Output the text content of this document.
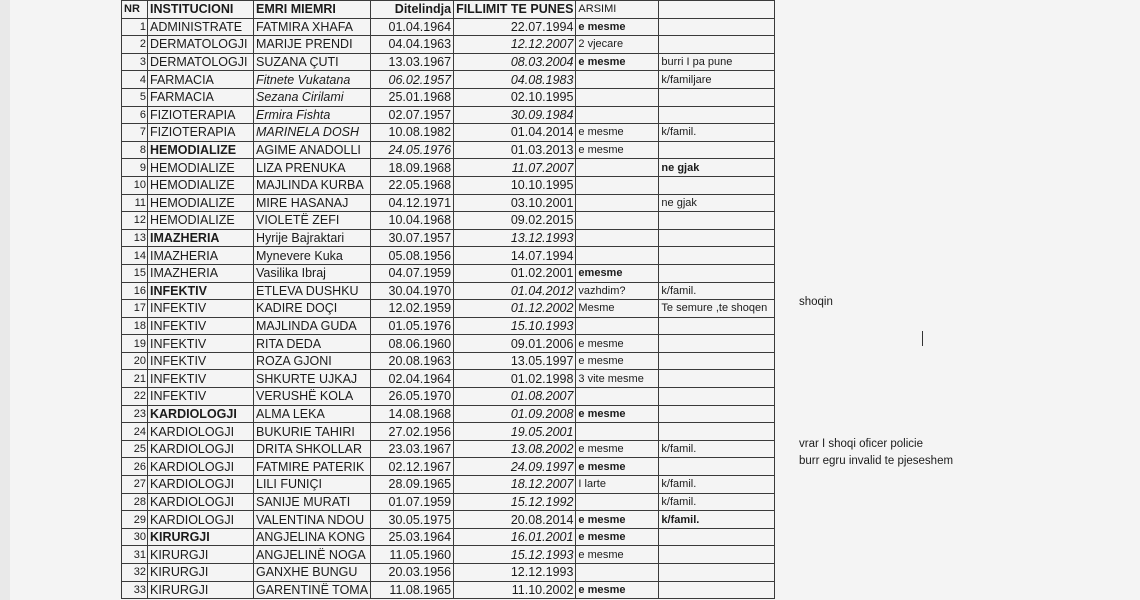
NR	INSTITUCIONI	EMRI MIEMRI	Ditelindja	FILLIMIT TE PUNES	ARSIMI	
1	ADMINISTRATE	FATMIRA XHAFA	01.04.1964	22.07.1994	e mesme	
2	DERMATOLOGJI	MARIJE PRENDI	04.04.1963	12.12.2007	2 vjecare	
3	DERMATOLOGJI	SUZANA ÇUTI	13.03.1967	08.03.2004	e mesme	burri I pa pune
4	FARMACIA	Fitnete Vukatana	06.02.1957	04.08.1983		k/familjare
5	FARMACIA	Sezana Cirilami	25.01.1968	02.10.1995		
6	FIZIOTERAPIA	Ermira Fishta	02.07.1957	30.09.1984		
7	FIZIOTERAPIA	MARINELA DOSH	10.08.1982	01.04.2014	e mesme	k/famil.
8	HEMODIALIZE	AGIME ANADOLLI	24.05.1976	01.03.2013	e mesme	
9	HEMODIALIZE	LIZA PRENUKA	18.09.1968	11.07.2007		ne gjak
10	HEMODIALIZE	MAJLINDA KURBA	22.05.1968	10.10.1995		
11	HEMODIALIZE	MIRE HASANAJ	04.12.1971	03.10.2001		ne gjak
12	HEMODIALIZE	VIOLETË ZEFI	10.04.1968	09.02.2015		
13	IMAZHERIA	Hyrije Bajraktari	30.07.1957	13.12.1993		
14	IMAZHERIA	Mynevere Kuka	05.08.1956	14.07.1994		
15	IMAZHERIA	Vasilika Ibraj	04.07.1959	01.02.2001	emesme	
16	INFEKTIV	ETLEVA DUSHKU	30.04.1970	01.04.2012	vazhdim?	k/famil.
17	INFEKTIV	KADIRE DOÇI	12.02.1959	01.12.2002	Mesme	Te semure ,te shoqen
18	INFEKTIV	MAJLINDA GUDA	01.05.1976	15.10.1993		
19	INFEKTIV	RITA DEDA	08.06.1960	09.01.2006	e mesme	
20	INFEKTIV	ROZA GJONI	20.08.1963	13.05.1997	e mesme	
21	INFEKTIV	SHKURTE UJKAJ	02.04.1964	01.02.1998	3 vite mesme	
22	INFEKTIV	VERUSHË KOLA	26.05.1970	01.08.2007		
23	KARDIOLOGJI	ALMA LEKA	14.08.1968	01.09.2008	e mesme	
24	KARDIOLOGJI	BUKURIE TAHIRI	27.02.1956	19.05.2001		
25	KARDIOLOGJI	DRITA SHKOLLAR	23.03.1967	13.08.2002	e mesme	k/famil.
26	KARDIOLOGJI	FATMIRE PATERIK	02.12.1967	24.09.1997	e mesme	
27	KARDIOLOGJI	LILI FUNIÇI	28.09.1965	18.12.2007	I larte	k/famil.
28	KARDIOLOGJI	SANIJE MURATI	01.07.1959	15.12.1992		k/famil.
29	KARDIOLOGJI	VALENTINA NDOU	30.05.1975	20.08.2014	e mesme	k/famil.
30	KIRURGJI	ANGJELINA KONG	25.03.1964	16.01.2001	e mesme	
31	KIRURGJI	ANGJELINË NOGA	11.05.1960	15.12.1993	e mesme	
32	KIRURGJI	GANXHE BUNGU	20.03.1956	12.12.1993		
33	KIRURGJI	GARENTINË TOMA	11.08.1965	11.10.2002	e mesme	
shoqin
vrar I shoqi oficer policie
burr egru invalid te pjeseshem
